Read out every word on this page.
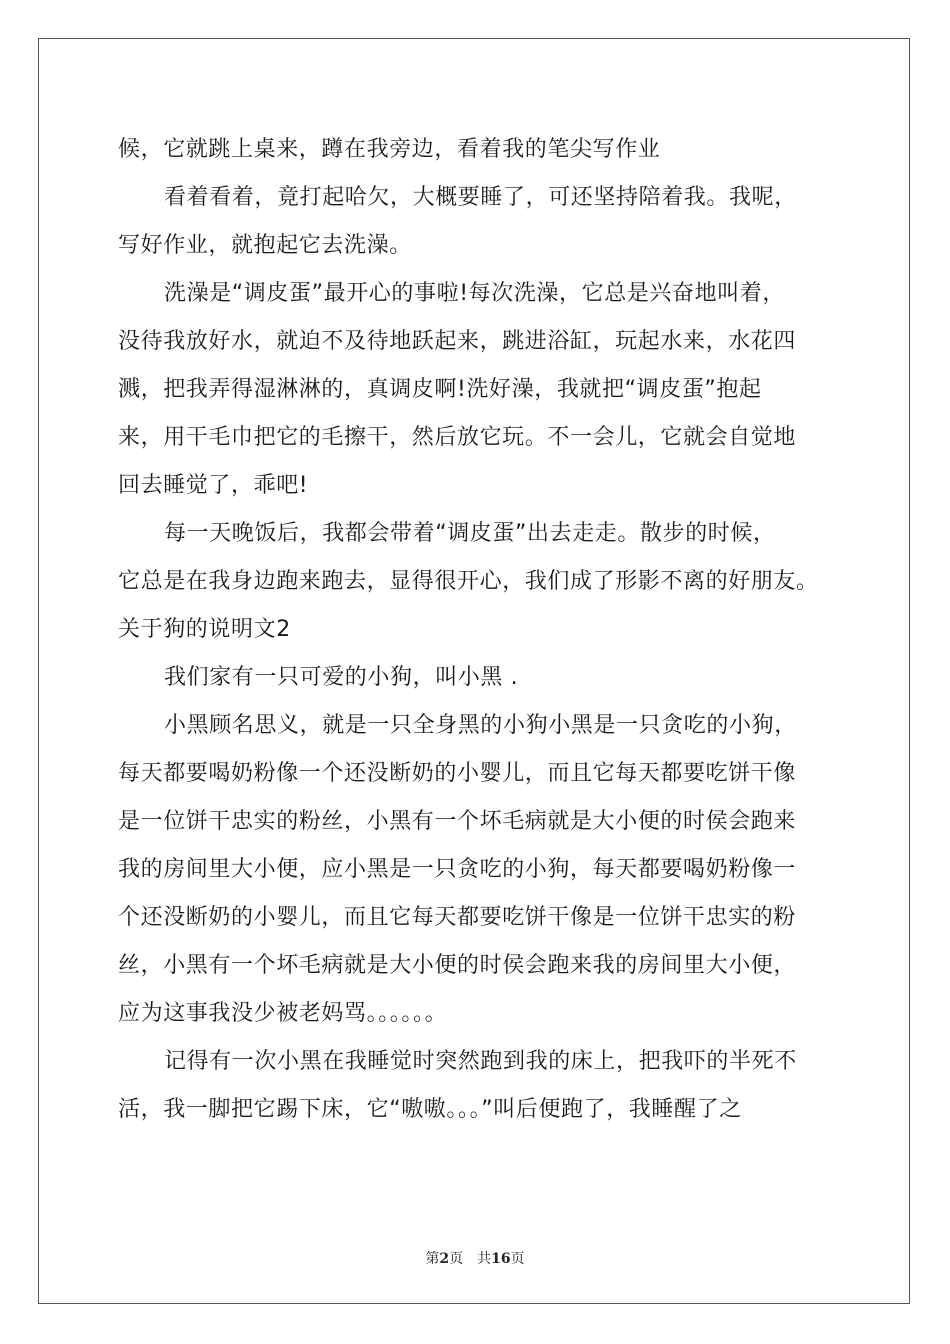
候，它就跳上桌来，蹲在我旁边，看着我的笔尖写作业
看着看着，竟打起哈欠，大概要睡了，可还坚持陪着我。我呢，
写好作业，就抱起它去洗澡。
洗澡是“调皮蛋”最开心的事啦!每次洗澡，它总是兴奋地叫着，
没待我放好水，就迫不及待地跃起来，跳进浴缸，玩起水来，水花四
溅，把我弄得湿淋淋的，真调皮啊!洗好澡，我就把“调皮蛋”抱起
来，用干毛巾把它的毛擦干，然后放它玩。不一会儿，它就会自觉地
回去睡觉了，乖吧!
每一天晚饭后，我都会带着“调皮蛋”出去走走。散步的时候，
它总是在我身边跑来跑去，显得很开心，我们成了形影不离的好朋友。
关于狗的说明文2
我们家有一只可爱的小狗，叫小黑 .
小黑顾名思义，就是一只全身黑的小狗小黑是一只贪吃的小狗，
每天都要喝奶粉像一个还没断奶的小婴儿，而且它每天都要吃饼干像
是一位饼干忠实的粉丝，小黑有一个坏毛病就是大小便的时侯会跑来
我的房间里大小便，应小黑是一只贪吃的小狗，每天都要喝奶粉像一
个还没断奶的小婴儿，而且它每天都要吃饼干像是一位饼干忠实的粉
丝，小黑有一个坏毛病就是大小便的时侯会跑来我的房间里大小便，
应为这事我没少被老妈骂。。。。。。
记得有一次小黑在我睡觉时突然跑到我的床上，把我吓的半死不
活，我一脚把它踢下床，它“嗷嗷。。。”叫后便跑了，我睡醒了之
第2页 共16页
